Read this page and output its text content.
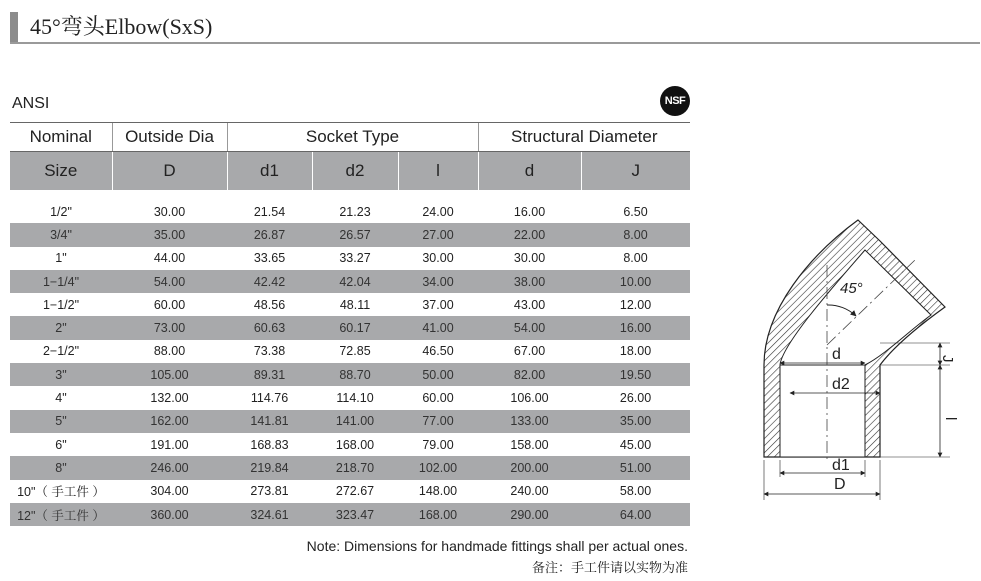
45°弯头Elbow(SxS)
ANSI	NSF
Nominal	Outside Dia	Socket Type			Structural Diameter	
Size	D	d1	d2	l	d	J

1/2"	30.00	21.54	21.23	24.00	16.00	6.50
3/4"	35.00	26.87	26.57	27.00	22.00	8.00
1"	44.00	33.65	33.27	30.00	30.00	8.00
1−1/4"	54.00	42.42	42.04	34.00	38.00	10.00
1−1/2"	60.00	48.56	48.11	37.00	43.00	12.00
2"	73.00	60.63	60.17	41.00	54.00	16.00
2−1/2"	88.00	73.38	72.85	46.50	67.00	18.00
3"	105.00	89.31	88.70	50.00	82.00	19.50
4"	132.00	114.76	114.10	60.00	106.00	26.00
5"	162.00	141.81	141.00	77.00	133.00	35.00
6"	191.00	168.83	168.00	79.00	158.00	45.00
8"	246.00	219.84	218.70	102.00	200.00	51.00
10"（ 手工件 ）	304.00	273.81	272.67	148.00	240.00	58.00
12"（ 手工件 ）	360.00	324.61	323.47	168.00	290.00	64.00
Note: Dimensions for handmade fittings shall per actual ones.
备注：手工件请以实物为准
45°
d
d2
d1
D
J
l
